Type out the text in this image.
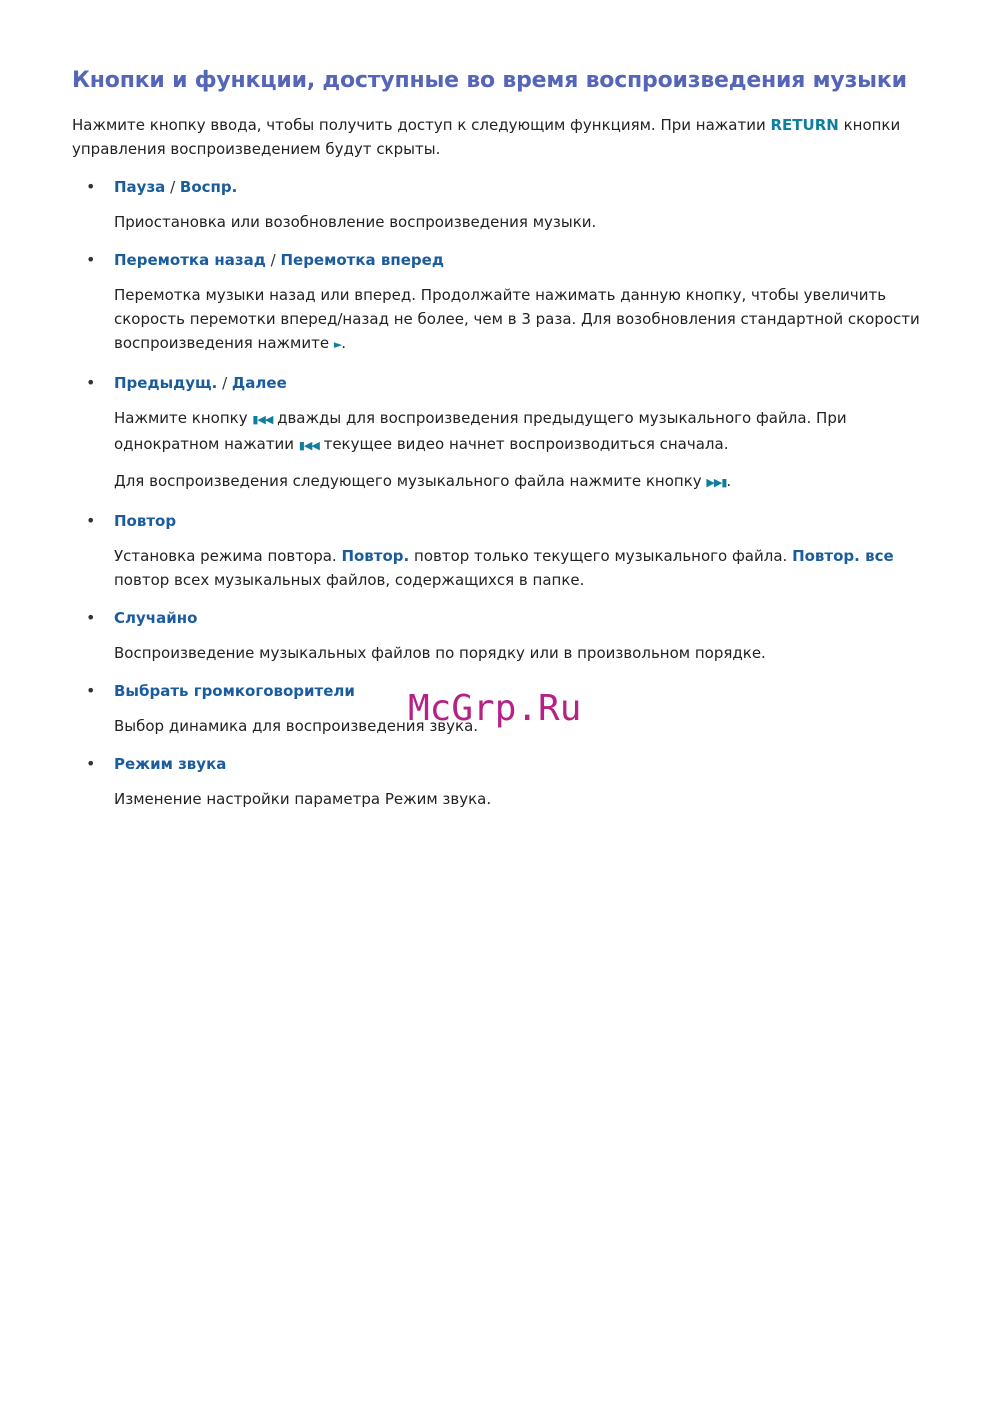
Кнопки и функции, доступные во время воспроизведения музыки

Нажмите кнопку ввода, чтобы получить доступ к следующим функциям. При нажатии RETURN кнопки управления воспроизведением будут скрыты.

• Пауза / Воспр.

Приостановка или возобновление воспроизведения музыки.

• Перемотка назад / Перемотка вперед

Перемотка музыки назад или вперед. Продолжайте нажимать данную кнопку, чтобы увеличить скорость перемотки вперед/назад не более, чем в 3 раза. Для возобновления стандартной скорости воспроизведения нажмите ►.

• Предыдущ. / Далее

Нажмите кнопку ▮◀◀ дважды для воспроизведения предыдущего музыкального файла. При однократном нажатии ▮◀◀ текущее видео начнет воспроизводиться сначала.

Для воспроизведения следующего музыкального файла нажмите кнопку ▶▶▮.

• Повтор

Установка режима повтора. Повтор. повтор только текущего музыкального файла. Повтор. все повтор всех музыкальных файлов, содержащихся в папке.

• Случайно

Воспроизведение музыкальных файлов по порядку или в произвольном порядке.

• Выбрать громкоговорители

Выбор динамика для воспроизведения звука.

• Режим звука

Изменение настройки параметра Режим звука.

McGrp.Ru
